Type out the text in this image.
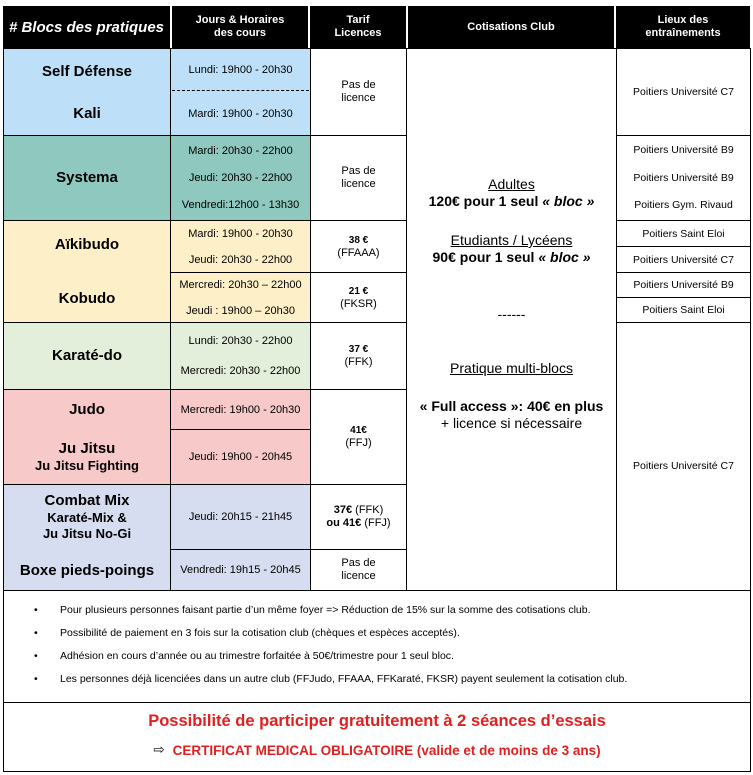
# Blocs des pratiques	Jours & Horaires des cours
Tarif Licences
Cotisations Club
Lieux des entraînements
Self Défense
Kali
Systema
Aïkibudo
Kobudo
Karaté-do
Judo
Ju Jitsu
Ju Jitsu Fighting
Combat Mix
Karaté-Mix &
Ju Jitsu No-Gi
Boxe pieds-poings
Lundi: 19h00 - 20h30
Mardi: 19h00 - 20h30
Mardi: 20h30 - 22h00
Jeudi: 20h30 - 22h00
Vendredi:12h00 - 13h30
Mardi: 19h00 - 20h30
Jeudi: 20h30 - 22h00
Mercredi: 20h30 – 22h00
Jeudi : 19h00 – 20h30
Lundi: 20h30 - 22h00
Mercredi: 20h30 - 22h00
Mercredi: 19h00 - 20h30
Jeudi: 19h00 - 20h45
Jeudi: 20h15 - 21h45
Vendredi: 19h15 - 20h45
Pas de licence
Pas de licence
38 €
(FFAAA)
21 €
(FKSR)
37 €
(FFK)
41€
(FFJ)
37€ (FFK)
ou 41€ (FFJ)
Pas de licence
Adultes
120€ pour 1 seul « bloc »
Etudiants / Lycéens
90€ pour 1 seul « bloc »
------
Pratique multi-blocs
« Full access »: 40€ en plus + licence si nécessaire
Poitiers Université C7
Poitiers Université B9
Poitiers Université B9
Poitiers Gym. Rivaud
Poitiers Saint Eloi
Poitiers Université C7
Poitiers Université B9
Poitiers Saint Eloi
Poitiers Université C7
• Pour plusieurs personnes faisant partie d’un même foyer => Réduction de 15% sur la somme des cotisations club.
• Possibilité de paiement en 3 fois sur la cotisation club (chèques et espèces acceptés).
• Adhésion en cours d’année ou au trimestre forfaitée à 50€/trimestre pour 1 seul bloc.
• Les personnes déjà licenciées dans un autre club (FFJudo, FFAAA, FFKaraté, FKSR) payent seulement la cotisation club.
Possibilité de participer gratuitement à 2 séances d’essais
⇨ CERTIFICAT MEDICAL OBLIGATOIRE (valide et de moins de 3 ans)
